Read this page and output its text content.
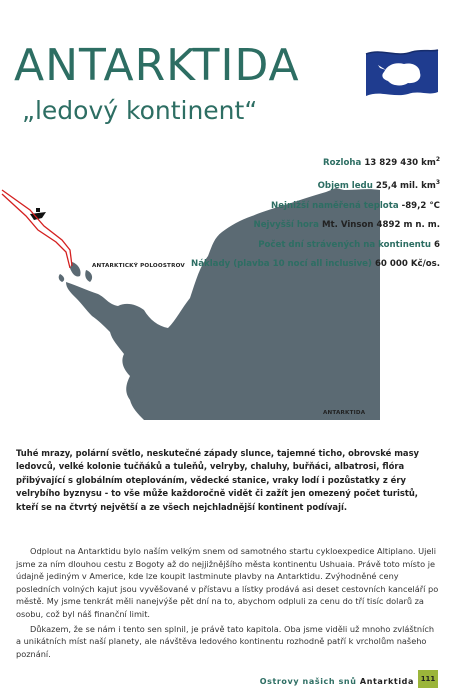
ANTARKTIDA
„ledový kontinent“
Rozloha 13 829 430 $km^2$
Objem ledu 25,4 mil. $km^3$
Nejnižší naměřená teplota -89,2 °C
Nejvyšší hora Mt. Vinson 4892 m n. m.
Počet dní strávených na kontinentu 6
Náklady (plavba 10 nocí all inclusive) 60 000 Kč/os.
ANTARKTICKÝ POLOOSTROV
ANTARKTIDA
Tuhé mrazy, polární světlo, neskutečné západy slunce, tajemné ticho, obrovské masy ledovců, velké kolonie tučňáků a tuleňů, velryby, chaluhy, buřňáci, albatrosi, flóra přibývající s globálním oteplováním, vědecké stanice, vraky lodí i pozůstatky z éry velrybího byznysu - to vše může každoročně vidět či zažít jen omezený počet turistů, kteří se na čtvrtý největší a ze všech nejchladnější kontinent podívají.

Odplout na Antarktidu bylo naším velkým snem od samotného startu cykloexpedice Altiplano. Ujeli jsme za ním dlouhou cestu z Bogoty až do nejjižnějšího města kontinentu Ushuaia. Právě toto místo je údajně jediným v Americe, kde lze koupit lastminute plavby na Antarktidu. Zvýhodněné ceny posledních volných kajut jsou vyvěšované v přístavu a lístky prodává asi deset cestovních kanceláří po městě. My jsme tenkrát měli nanejvýše pět dní na to, abychom odpluli za cenu do tří tisíc dolarů za osobu, což byl náš finanční limit.

Důkazem, že se nám i tento sen splnil, je právě tato kapitola. Oba jsme viděli už mnoho zvláštních a unikátních míst naší planety, ale návštěva ledového kontinentu rozhodně patří k vrcholům našeho poznání.

Ostrovy našich snů Antarktida 111
